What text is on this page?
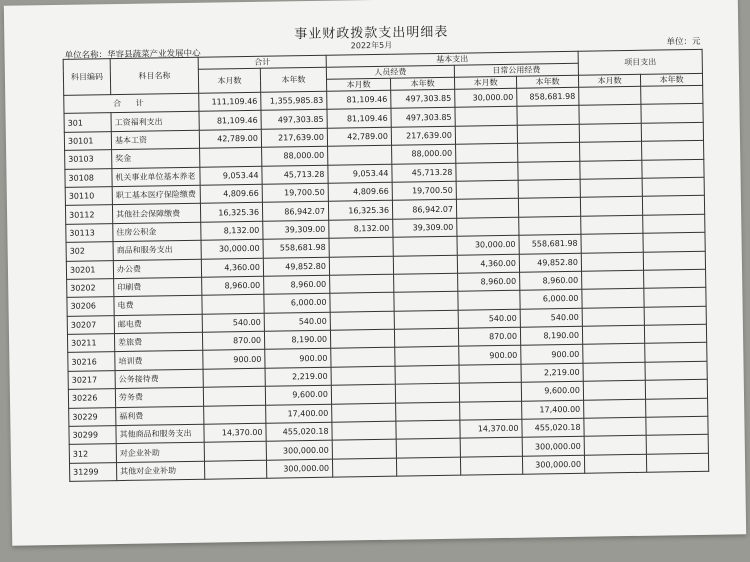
事业财政拨款支出明细表
2022年5月
单位名称：华容县蔬菜产业发展中心
单位：元
科目编码	科目名称	合计		基本支出				项目支出	
		本月数	本年数	人员经费		日常公用经费			
				本月数	本年数	本月数	本年数	本月数	本年数
合 计		111,109.46	1,355,985.83	81,109.46	497,303.85	30,000.00	858,681.98		
301	工资福利支出	81,109.46	497,303.85	81,109.46	497,303.85				
30101	基本工资	42,789.00	217,639.00	42,789.00	217,639.00				
30103	奖金		88,000.00		88,000.00				
30108	机关事业单位基本养老	9,053.44	45,713.28	9,053.44	45,713.28				
30110	职工基本医疗保险缴费	4,809.66	19,700.50	4,809.66	19,700.50				
30112	其他社会保障缴费	16,325.36	86,942.07	16,325.36	86,942.07				
30113	住房公积金	8,132.00	39,309.00	8,132.00	39,309.00				
302	商品和服务支出	30,000.00	558,681.98			30,000.00	558,681.98		
30201	办公费	4,360.00	49,852.80			4,360.00	49,852.80		
30202	印刷费	8,960.00	8,960.00			8,960.00	8,960.00		
30206	电费		6,000.00				6,000.00		
30207	邮电费	540.00	540.00			540.00	540.00		
30211	差旅费	870.00	8,190.00			870.00	8,190.00		
30216	培训费	900.00	900.00			900.00	900.00		
30217	公务接待费		2,219.00				2,219.00		
30226	劳务费		9,600.00				9,600.00		
30229	福利费		17,400.00				17,400.00		
30299	其他商品和服务支出	14,370.00	455,020.18			14,370.00	455,020.18		
312	对企业补助		300,000.00				300,000.00		
31299	其他对企业补助		300,000.00				300,000.00		
